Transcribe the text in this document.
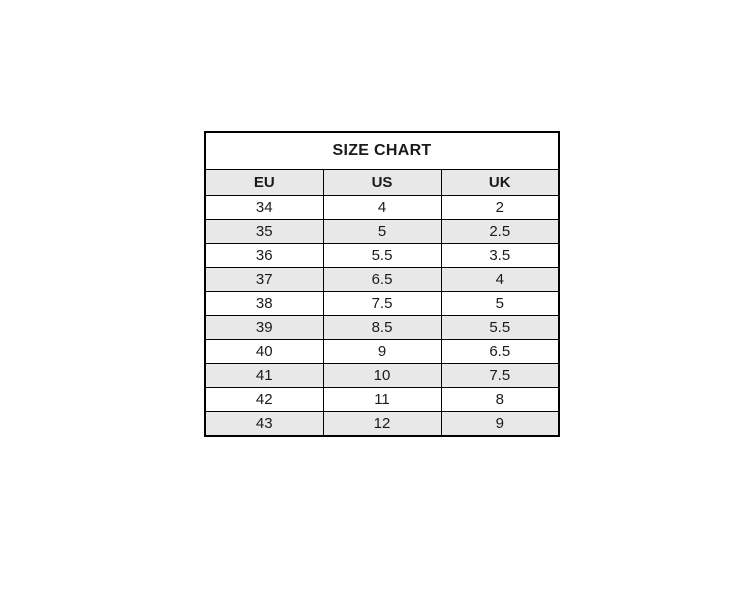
SIZE CHART		
EU	US	UK
34	4	2
35	5	2.5
36	5.5	3.5
37	6.5	4
38	7.5	5
39	8.5	5.5
40	9	6.5
41	10	7.5
42	11	8
43	12	9
